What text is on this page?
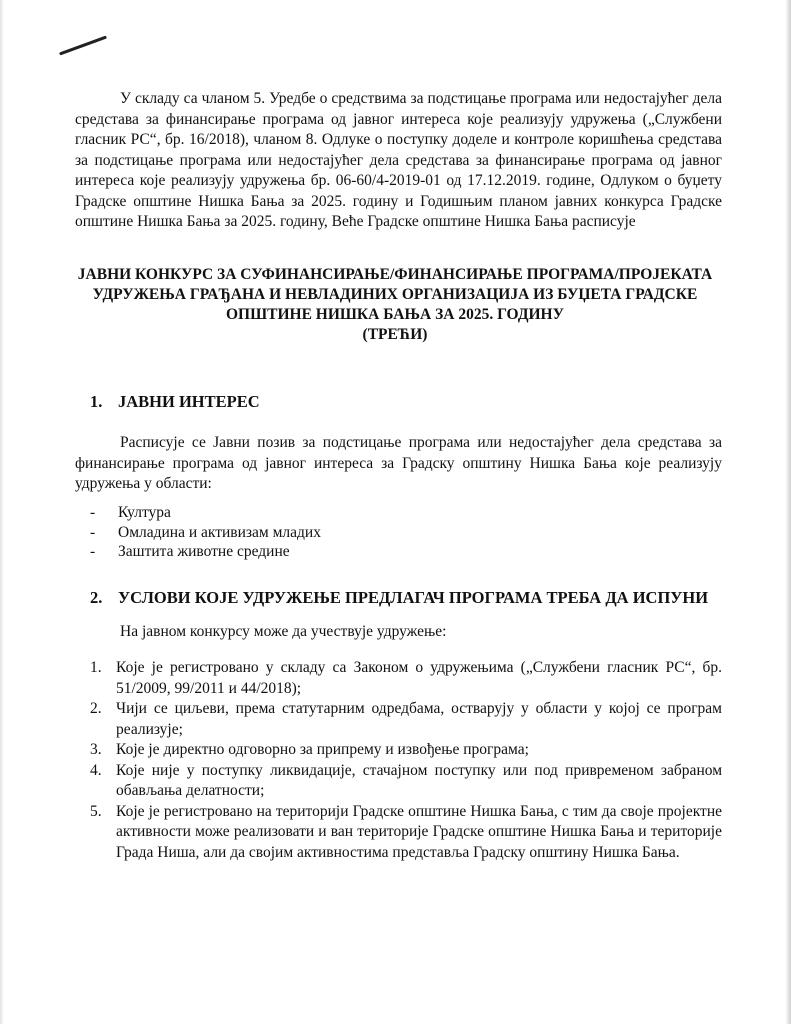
У складу са чланом 5. Уредбе о средствима за подстицање програма или недостајућег дела средстава за финансирање програма од јавног интереса које реализују удружења („Службени гласник РС“, бр. 16/2018), чланом 8. Одлуке о поступку доделе и контроле коришћења средстава за подстицање програма или недостајућег дела средстава за финансирање програма од јавног интереса које реализују удружења бр. 06-60/4-2019-01 од 17.12.2019. године, Одлуком о буџету Градске општине Нишка Бања за 2025. годину и Годишњим планом јавних конкурса Градске општине Нишка Бања за 2025. годину, Веће Градске општине Нишка Бања расписује

ЈАВНИ КОНКУРС ЗА СУФИНАНСИРАЊЕ/ФИНАНСИРАЊЕ ПРОГРАМА/ПРОЈЕКАТА
УДРУЖЕЊА ГРАЂАНА И НЕВЛАДИНИХ ОРГАНИЗАЦИЈА ИЗ БУЏЕТА ГРАДСКЕ
ОПШТИНЕ НИШКА БАЊА ЗА 2025. ГОДИНУ
(ТРЕЋИ)
1. ЈАВНИ ИНТЕРЕС

Расписује се Јавни позив за подстицање програма или недостајућег дела средстава за финансирање програма од јавног интереса за Градску општину Нишка Бања које реализују удружења у области:

- Култура
- Омладина и активизам младих
- Заштита животне средине
2. УСЛОВИ КОЈЕ УДРУЖЕЊЕ ПРЕДЛАГАЧ ПРОГРАМА ТРЕБА ДА ИСПУНИ
На јавном конкурсу може да учествује удружење:
1. Које је регистровано у складу са Законом о удружењима („Службени гласник РС“, бр. 51/2009, 99/2011 и 44/2018);
2. Чији се циљеви, према статутарним одредбама, остварују у области у којој се програм реализује;
3. Које је директно одговорно за припрему и извођење програма;
4. Које није у поступку ликвидације, стачајном поступку или под привременом забраном обављања делатности;
5. Које је регистровано на територији Градске општине Нишка Бања, с тим да своје пројектне активности може реализовати и ван територије Градске општине Нишка Бања и територије Града Ниша, али да својим активностима представља Градску општину Нишка Бања.
